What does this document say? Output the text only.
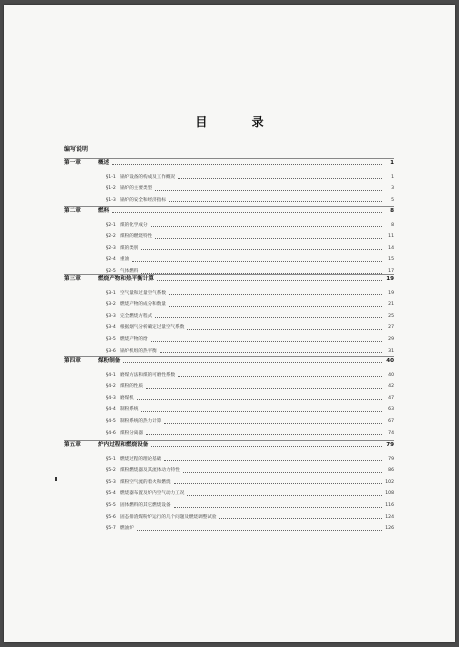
目 录
编写说明
第一章	概述	1
§1-1 锅炉设备的构成及工作概况	1
§1-2 锅炉的主要类型	3
§1-3 锅炉的安全和经济指标	5
第二章	燃料	8
§2-1 煤的化学成分	8
§2-2 煤粉的燃烧特性	11
§2-3 煤的类别	14
§2-4 重油	15
§2-5 气体燃料	17
第三章	燃烧产物和热平衡计算	19
§3-1 空气量和过量空气系数	19
§3-2 燃烧产物的成分和数量	21
§3-3 完全燃烧方程式	25
§3-4 根据烟气分析确定过量空气系数	27
§3-5 燃烧产物的焓	29
§3-6 锅炉机组的热平衡	31
第四章	煤粉制备	40
§4-1 磨煤方法和煤的可磨性系数	40
§4-2 煤粉的性质	42
§4-3 磨煤机	47
§4-4 制粉系统	63
§4-5 制粉系统的热力计算	67
§4-6 煤粉分离器	74
第五章	炉内过程和燃烧设备	79
§5-1 燃烧过程的理论基础	79
§5-2 煤粉燃烧器及其流体动力特性	86
§5-3 煤粉空气流的着火和燃烧	102
§5-4 燃烧器布置及炉内空气动力工况	108
§5-5 固体燃料的其它燃烧设备	116
§5-6 固态排渣煤粉炉运行的几个问题及燃烧调整试验	124
§5-7 燃油炉	126
